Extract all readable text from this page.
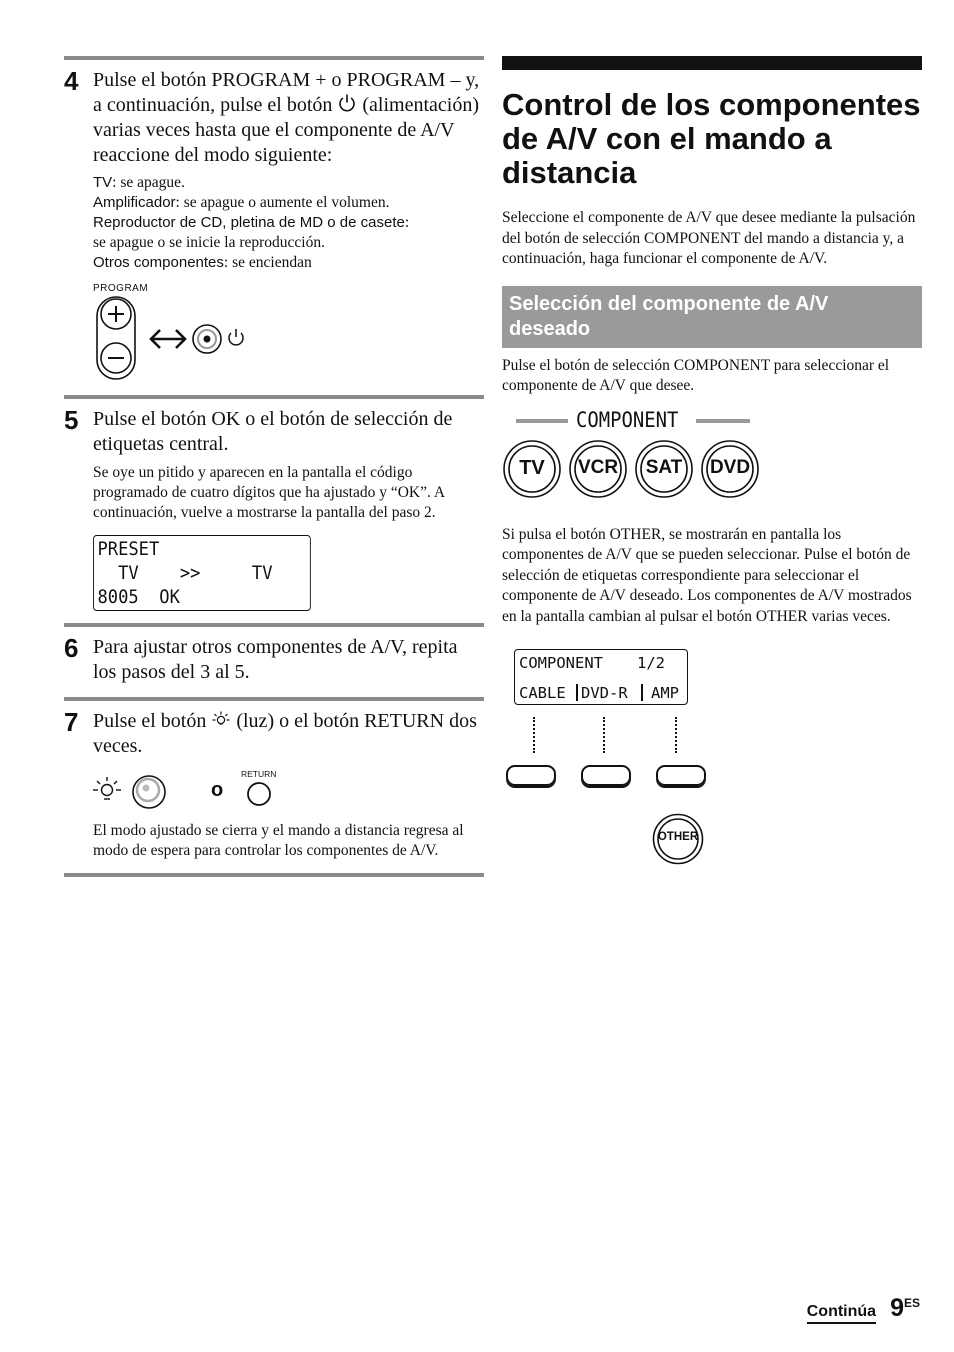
4 Pulse el botón PROGRAM + o PROGRAM – y, a continuación, pulse el botón (alimentación) varias veces hasta que el componente de A/V reaccione del modo siguiente:

TV: se apague.
Amplificador: se apague o aumente el volumen.
Reproductor de CD, pletina de MD o de casete:
se apague o se inicie la reproducción.
Otros componentes: se enciendan
PROGRAM
5 Pulse el botón OK o el botón de selección de etiquetas central.

Se oye un pitido y aparecen en la pantalla el código programado de cuatro dígitos que ha ajustado y “OK”. A continuación, vuelve a mostrarse la pantalla del paso 2.

PRESET
TV    >>     TV
8005  OK
6 Para ajustar otros componentes de A/V, repita los pasos del 3 al 5.

7 Pulse el botón (luz) o el botón RETURN dos veces.

o
RETURN

El modo ajustado se cierra y el mando a distancia regresa al modo de espera para controlar los componentes de A/V.

Control de los componentes de A/V con el mando a distancia

Seleccione el componente de A/V que desee mediante la pulsación del botón de selección COMPONENT del mando a distancia y, a continuación, haga funcionar el componente de A/V.

Selección del componente de A/V deseado

Pulse el botón de selección COMPONENT para seleccionar el componente de A/V que desee.

COMPONENT
TV	VCR	SAT	DVD

Si pulsa el botón OTHER, se mostrarán en pantalla los componentes de A/V que se pueden seleccionar. Pulse el botón de selección de etiquetas correspondiente para seleccionar el componente de A/V deseado. Los componentes de A/V mostrados en la pantalla cambian al pulsar el botón OTHER varias veces.

COMPONENT

1/2

CABLE

DVD-R

AMP

OTHER
Continúa $9^{ES}$
